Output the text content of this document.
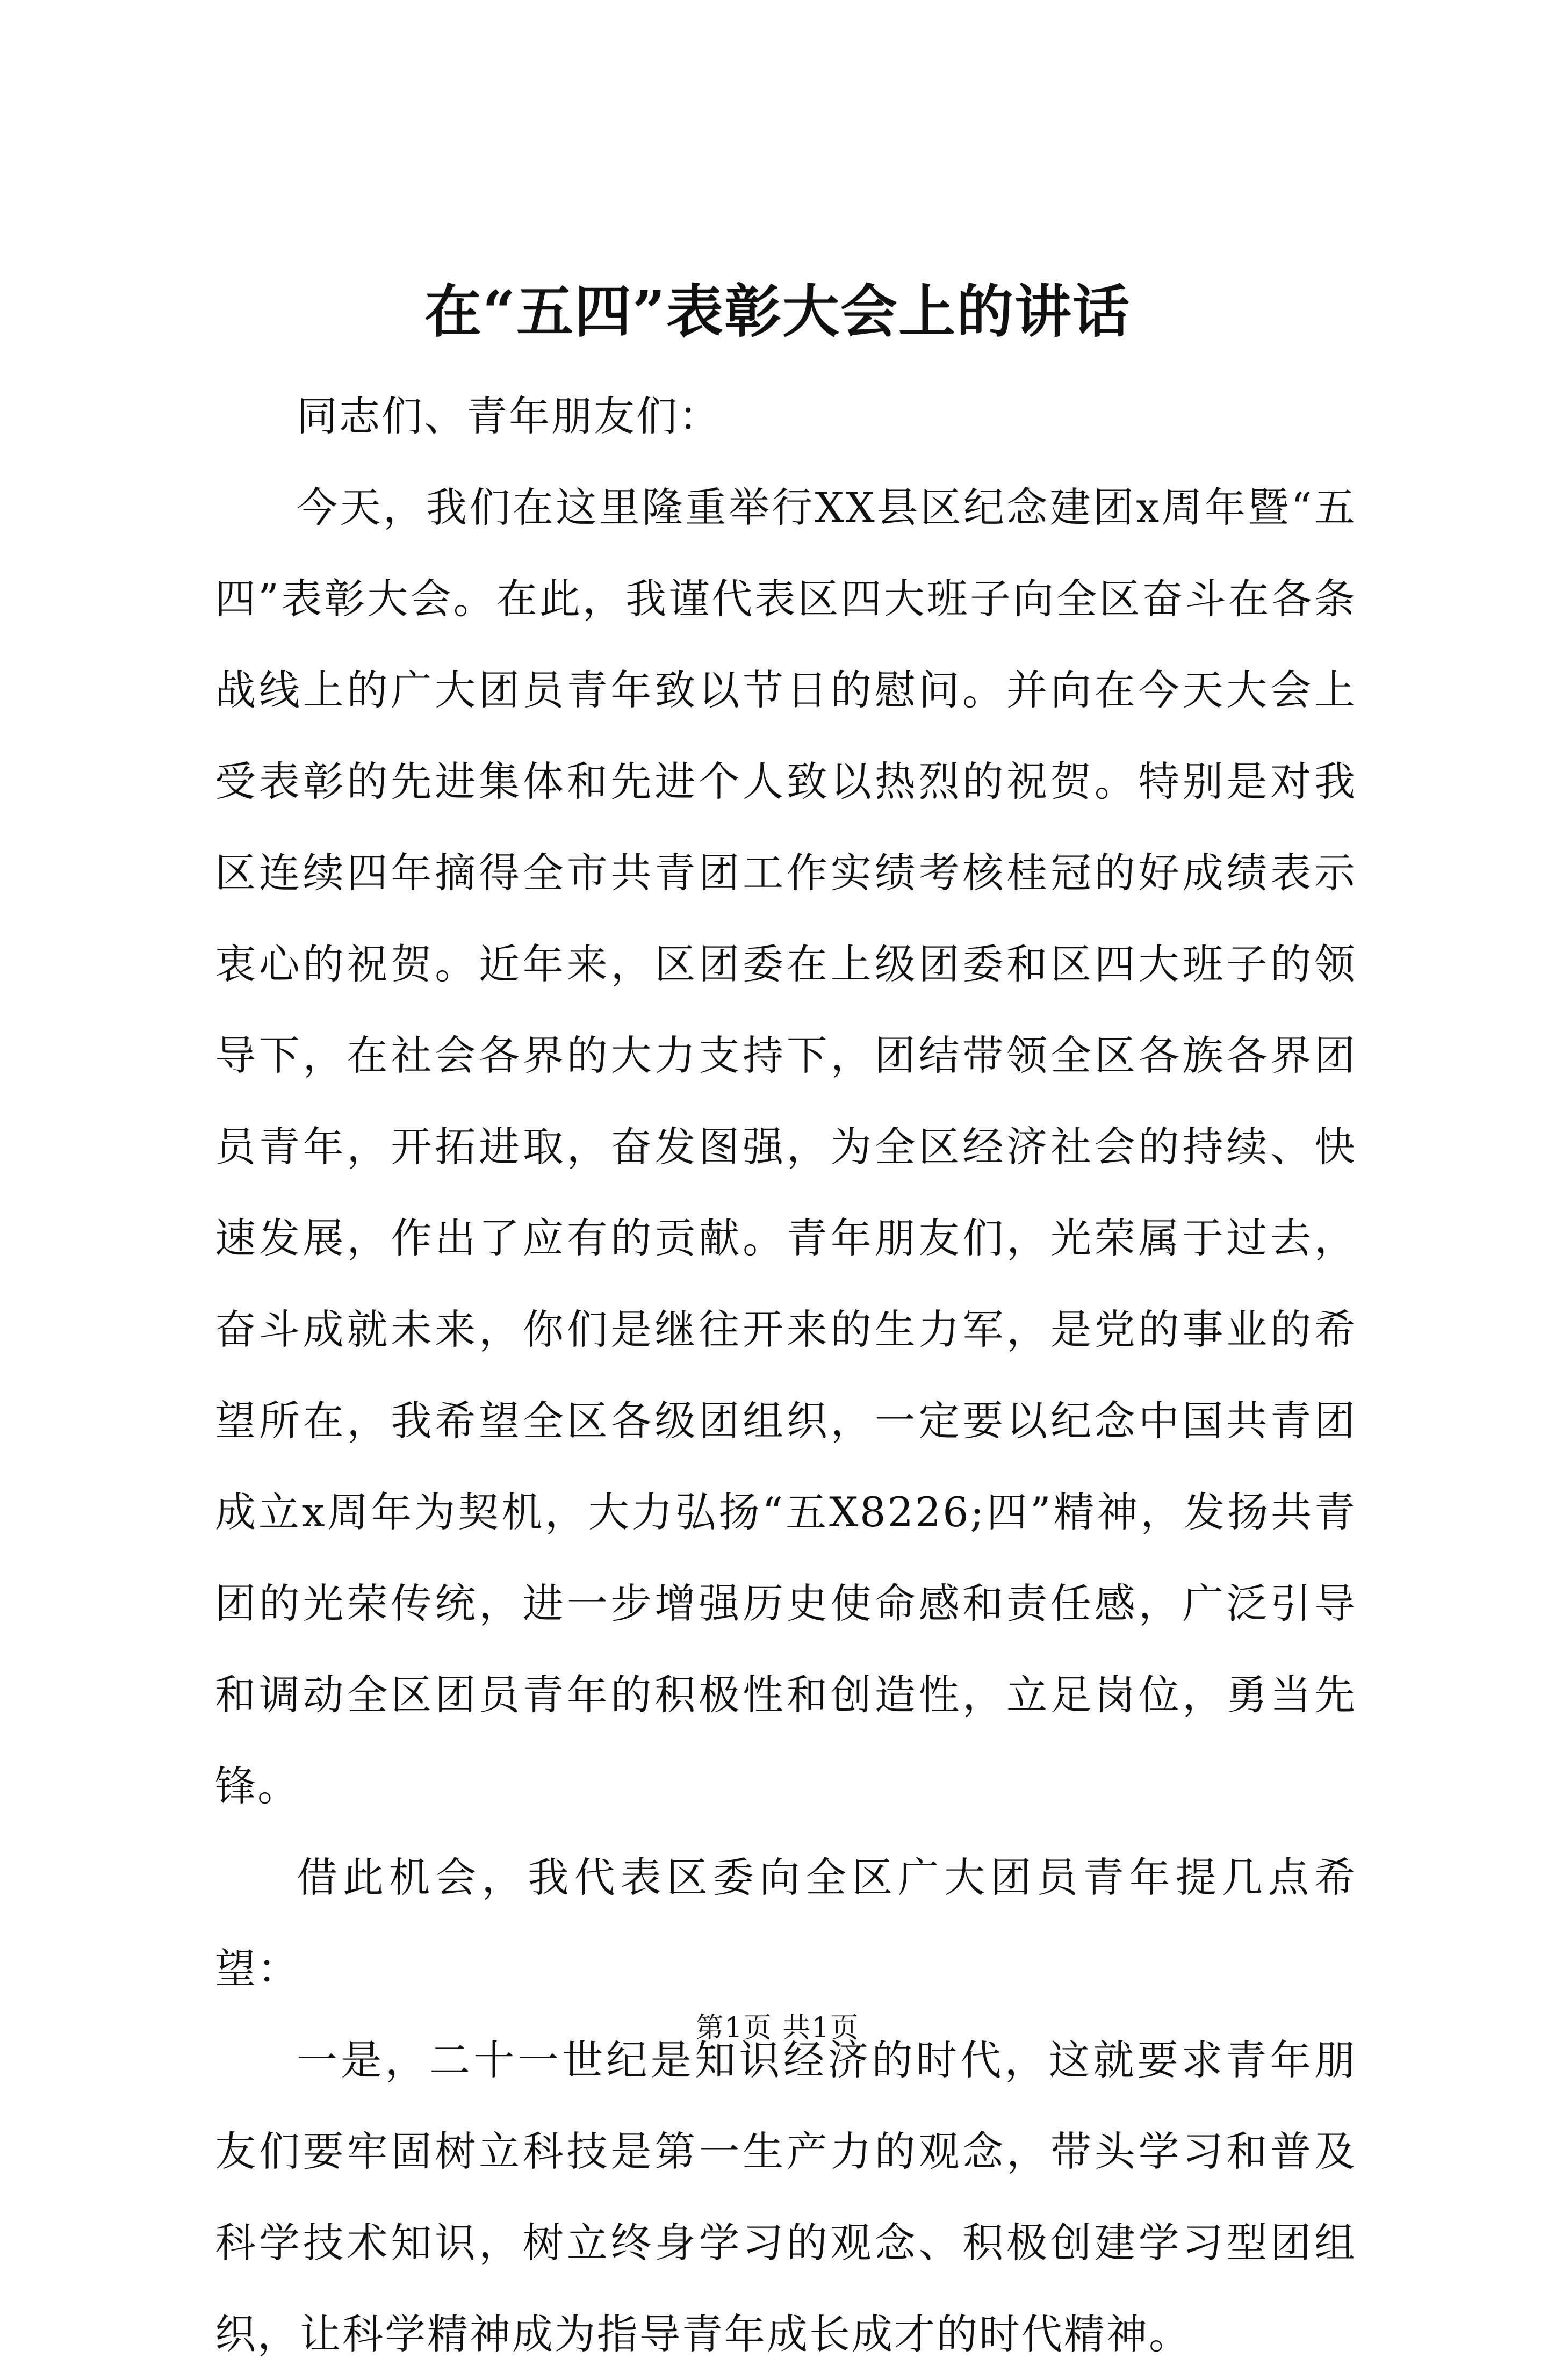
在“五四”表彰大会上的讲话

同志们、青年朋友们：

今天，我们在这里隆重举行XX县区纪念建团x周年暨“五四”表彰大会。在此，我谨代表区四大班子向全区奋斗在各条战线上的广大团员青年致以节日的慰问。并向在今天大会上受表彰的先进集体和先进个人致以热烈的祝贺。特别是对我区连续四年摘得全市共青团工作实绩考核桂冠的好成绩表示衷心的祝贺。近年来，区团委在上级团委和区四大班子的领导下，在社会各界的大力支持下，团结带领全区各族各界团员青年，开拓进取，奋发图强，为全区经济社会的持续、快速发展，作出了应有的贡献。青年朋友们，光荣属于过去，奋斗成就未来，你们是继往开来的生力军，是党的事业的希望所在，我希望全区各级团组织，一定要以纪念中国共青团成立x周年为契机，大力弘扬“五X8226;四”精神，发扬共青团的光荣传统，进一步增强历史使命感和责任感，广泛引导和调动全区团员青年的积极性和创造性，立足岗位，勇当先锋。

借此机会，我代表区委向全区广大团员青年提几点希望：

一是，二十一世纪是知识经济的时代，这就要求青年朋友们要牢固树立科技是第一生产力的观念，带头学习和普及科学技术知识，树立终身学习的观念、积极创建学习型团组织，让科学精神成为指导青年成长成才的时代精神。

第1页 共1页
